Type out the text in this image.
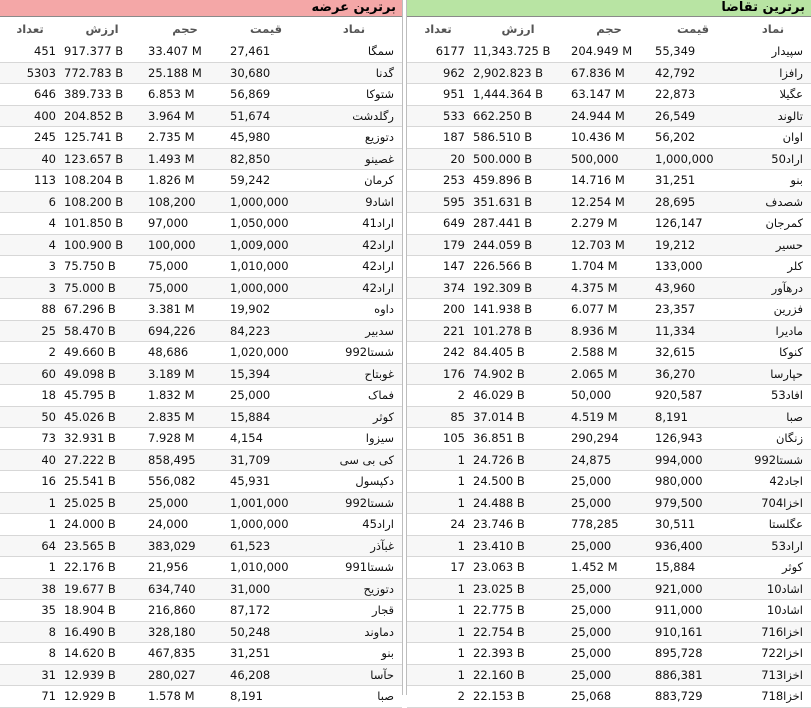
برترین عرضه
نماد	قیمت	حجم	ارزش	تعداد
سمگا	27,461	33.407 M	917.377 B	451
گدنا	30,680	25.188 M	772.783 B	5303
شتوکا	56,869	6.853 M	389.733 B	646
رگلدشت	51,674	3.964 M	204.852 B	400
دتوزیع	45,980	2.735 M	125.741 B	245
غصینو	82,850	1.493 M	123.657 B	40
کرمان	59,242	1.826 M	108.204 B	113
اشاد9	1,000,000	108,200	108.200 B	6
اراد41	1,050,000	97,000	101.850 B	4
اراد42	1,009,000	100,000	100.900 B	4
اراد42	1,010,000	75,000	75.750 B	3
اراد42	1,000,000	75,000	75.000 B	3
داوه	19,902	3.381 M	67.296 B	88
سدبیر	84,223	694,226	58.470 B	25
شستا992	1,020,000	48,686	49.660 B	2
غوبتاح	15,394	3.189 M	49.098 B	60
فماک	25,000	1.832 M	45.795 B	18
کوثر	15,884	2.835 M	45.026 B	50
سیزوا	4,154	7.928 M	32.931 B	73
کی بی سی	31,709	858,495	27.222 B	40
دکپسول	45,931	556,082	25.541 B	16
شستا992	1,001,000	25,000	25.025 B	1
اراد45	1,000,000	24,000	24.000 B	1
غبآذر	61,523	383,029	23.565 B	64
شستا991	1,010,000	21,956	22.176 B	1
دتوزیح	31,000	634,740	19.677 B	38
قجار	87,172	216,860	18.904 B	35
دماوند	50,248	328,180	16.490 B	8
بنو	31,251	467,835	14.620 B	8
حآسا	46,208	280,027	12.939 B	31
صبا	8,191	1.578 M	12.929 B	71
برترین تقاضا
نماد	قیمت	حجم	ارزش	تعداد
سپیدار	55,349	204.949 M	11,343.725 B	6177
رافزا	42,792	67.836 M	2,902.823 B	962
عگیلا	22,873	63.147 M	1,444.364 B	951
تالوند	26,549	24.944 M	662.250 B	533
اوان	56,202	10.436 M	586.510 B	187
اراد50	1,000,000	500,000	500.000 B	20
بنو	31,251	14.716 M	459.896 B	253
شصدف	28,695	12.254 M	351.631 B	595
کمرجان	126,147	2.279 M	287.441 B	649
حسیر	19,212	12.703 M	244.059 B	179
کلر	133,000	1.704 M	226.566 B	147
درهآور	43,960	4.375 M	192.309 B	374
فزرین	23,357	6.077 M	141.938 B	200
مادیرا	11,334	8.936 M	101.278 B	221
کنوکا	32,615	2.588 M	84.405 B	242
حپارسا	36,270	2.065 M	74.902 B	176
افاد53	920,587	50,000	46.029 B	2
صبا	8,191	4.519 M	37.014 B	85
زنگان	126,943	290,294	36.851 B	105
شستا992	994,000	24,875	24.726 B	1
اجاد42	980,000	25,000	24.500 B	1
اخزا704	979,500	25,000	24.488 B	1
عگلستا	30,511	778,285	23.746 B	24
اراد53	936,400	25,000	23.410 B	1
کوثر	15,884	1.452 M	23.063 B	17
اشاد10	921,000	25,000	23.025 B	1
اشاد10	911,000	25,000	22.775 B	1
اخزا716	910,161	25,000	22.754 B	1
اخزا722	895,728	25,000	22.393 B	1
اخزا713	886,381	25,000	22.160 B	1
اخزا718	883,729	25,068	22.153 B	2
